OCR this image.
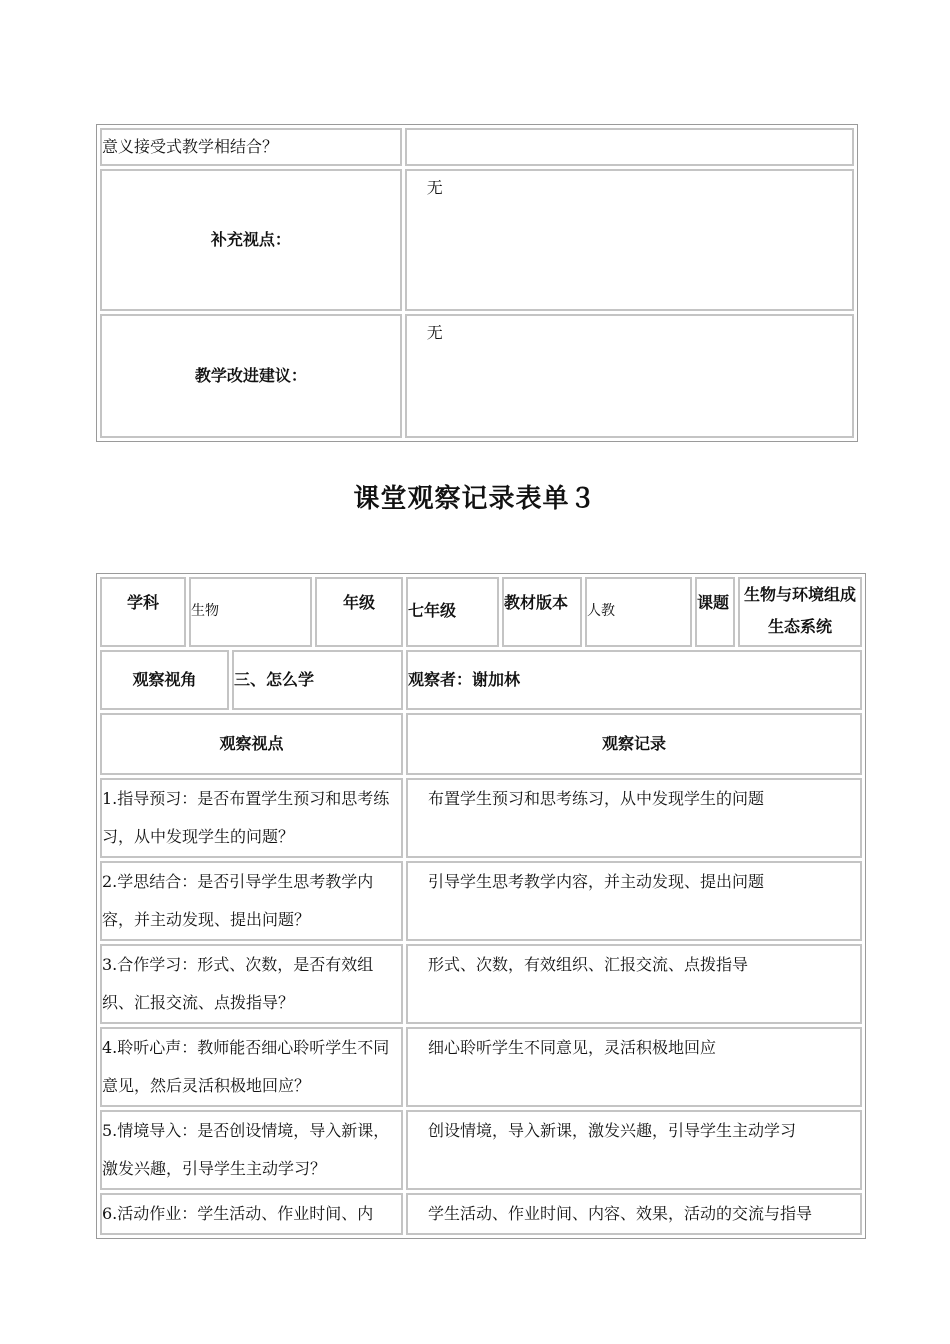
意义接受式教学相结合？	
补充视点：	无
教学改进建议：	无
课堂观察记录表单３
学科	生物		年级	七年级	教材版本	人教	课题	生物与环境组成生态系统
观察视角		三、怎么学		观察者：谢加林				
观察视点				观察记录				
1.指导预习：是否布置学生预习和思考练习，从中发现学生的问题？				布置学生预习和思考练习，从中发现学生的问题				
2.学思结合：是否引导学生思考教学内容，并主动发现、提出问题？				引导学生思考教学内容，并主动发现、提出问题				
3.合作学习：形式、次数，是否有效组织、汇报交流、点拨指导？				形式、次数，有效组织、汇报交流、点拨指导				
4.聆听心声：教师能否细心聆听学生不同意见，然后灵活积极地回应？				细心聆听学生不同意见，灵活积极地回应				
5.情境导入：是否创设情境，导入新课，激发兴趣，引导学生主动学习？				创设情境，导入新课，激发兴趣，引导学生主动学习				
6.活动作业：学生活动、作业时间、内				学生活动、作业时间、内容、效果，活动的交流与指导				
